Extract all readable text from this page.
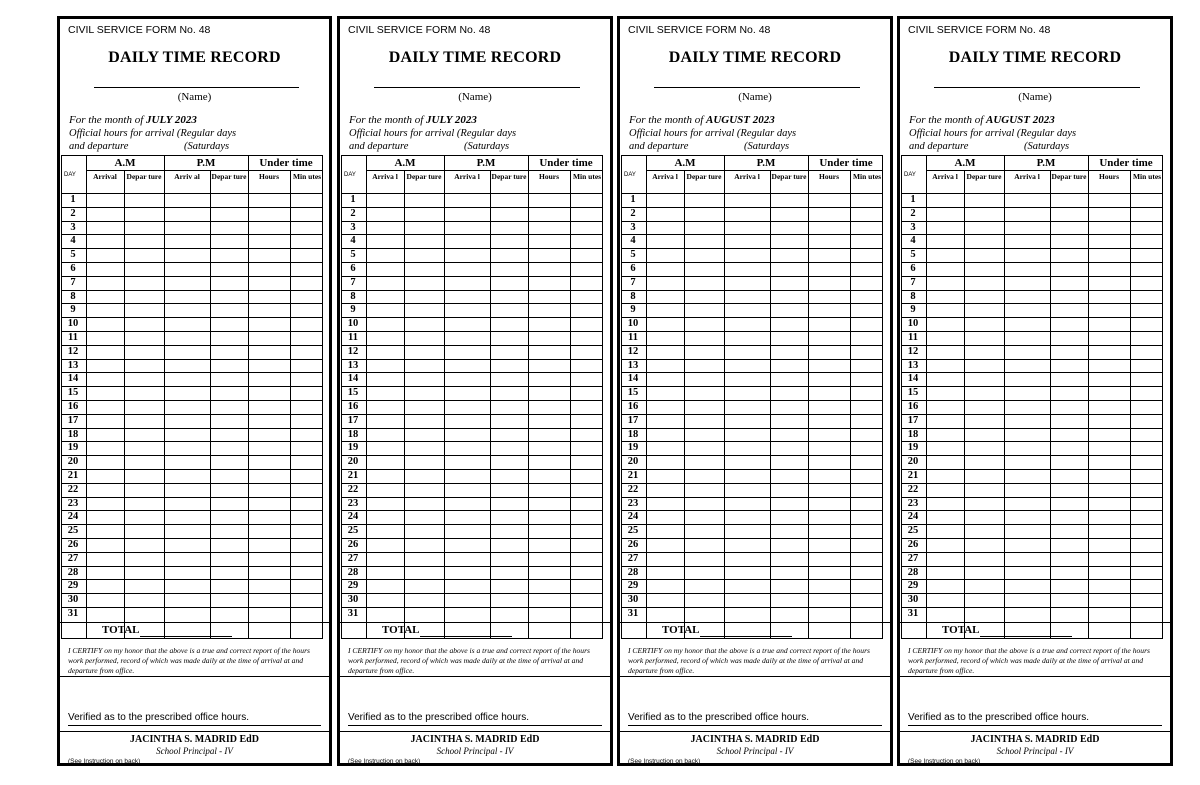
CIVIL SERVICE FORM No. 48
DAILY TIME RECORD
(Name)
For the month of JULY 2023
Official hours for arrival (Regular days
and departure	(Saturdays
DAY
A.M	P.M	Under time
Arrival	Depar ture	Arriv al	Depar ture	Hours	Min utes
1
2
3
4
5
6
7
8
9
10
11
12
13
14
15
16
17
18
19
20
21
22
23
24
25
26
27
28
29
30
31
TOTAL
I CERTIFY on my honor that the above is a true and correct report of the hours work performed, record of which was made daily at the time of arrival at and departure from office.
Verified as to the prescribed office hours.
JACINTHA S. MADRID EdD
School Principal - IV
(See Instruction on back)
CIVIL SERVICE FORM No. 48
DAILY TIME RECORD
(Name)
For the month of JULY 2023
Official hours for arrival (Regular days
and departure	(Saturdays
DAY
A.M	P.M	Under time
Arriva l	Depar ture	Arriva l	Depar ture	Hours	Min utes
1
2
3
4
5
6
7
8
9
10
11
12
13
14
15
16
17
18
19
20
21
22
23
24
25
26
27
28
29
30
31
TOTAL
I CERTIFY on my honor that the above is a true and correct report of the hours work performed, record of which was made daily at the time of arrival at and departure from office.
Verified as to the prescribed office hours.
JACINTHA S. MADRID EdD
School Principal - IV
(See Instruction on back)
CIVIL SERVICE FORM No. 48
DAILY TIME RECORD
(Name)
For the month of AUGUST 2023
Official hours for arrival (Regular days
and departure	(Saturdays
DAY
A.M	P.M	Under time
Arriva l	Depar ture	Arriva l	Depar ture	Hours	Min utes
1
2
3
4
5
6
7
8
9
10
11
12
13
14
15
16
17
18
19
20
21
22
23
24
25
26
27
28
29
30
31
TOTAL
I CERTIFY on my honor that the above is a true and correct report of the hours work performed, record of which was made daily at the time of arrival at and departure from office.
Verified as to the prescribed office hours.
JACINTHA S. MADRID EdD
School Principal - IV
(See Instruction on back)
CIVIL SERVICE FORM No. 48
DAILY TIME RECORD
(Name)
For the month of AUGUST 2023
Official hours for arrival (Regular days
and departure	(Saturdays
DAY
A.M	P.M	Under time
Arriva l	Depar ture	Arriva l	Depar ture	Hours	Min utes
1
2
3
4
5
6
7
8
9
10
11
12
13
14
15
16
17
18
19
20
21
22
23
24
25
26
27
28
29
30
31
TOTAL
I CERTIFY on my honor that the above is a true and correct report of the hours work performed, record of which was made daily at the time of arrival at and departure from office.
Verified as to the prescribed office hours.
JACINTHA S. MADRID EdD
School Principal - IV
(See Instruction on back)
